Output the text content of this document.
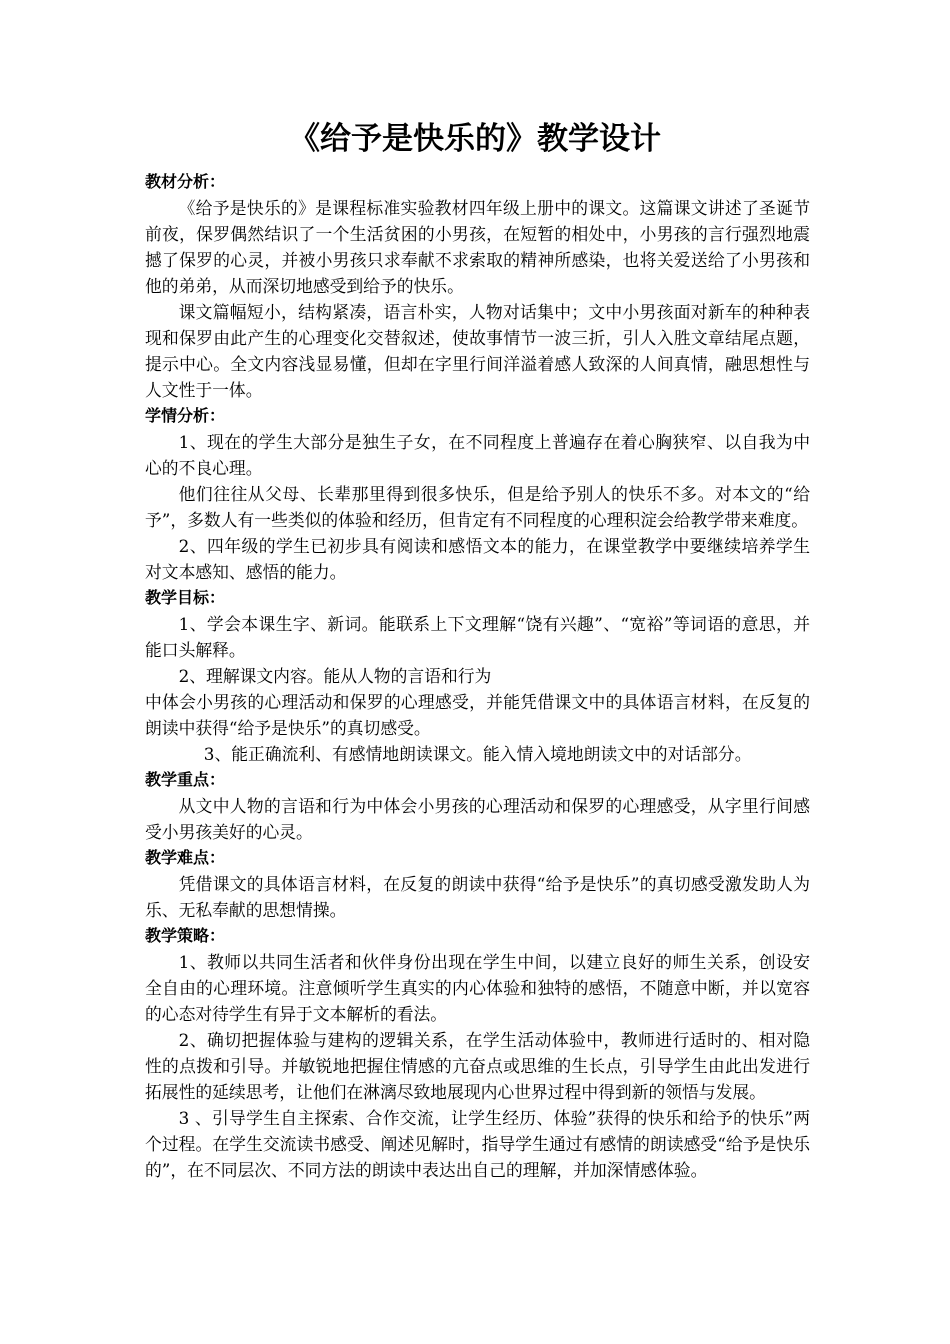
《给予是快乐的》教学设计
教材分析：
《给予是快乐的》是课程标准实验教材四年级上册中的课文。这篇课文讲述了圣诞节前夜，保罗偶然结识了一个生活贫困的小男孩，在短暂的相处中，小男孩的言行强烈地震撼了保罗的心灵，并被小男孩只求奉献不求索取的精神所感染，也将关爱送给了小男孩和他的弟弟，从而深切地感受到给予的快乐。
课文篇幅短小，结构紧凑，语言朴实，人物对话集中；文中小男孩面对新车的种种表现和保罗由此产生的心理变化交替叙述，使故事情节一波三折，引人入胜文章结尾点题，提示中心。全文内容浅显易懂，但却在字里行间洋溢着感人致深的人间真情，融思想性与人文性于一体。
学情分析：
1、现在的学生大部分是独生子女，在不同程度上普遍存在着心胸狭窄、以自我为中心的不良心理。
他们往往从父母、长辈那里得到很多快乐，但是给予别人的快乐不多。对本文的“给予”，多数人有一些类似的体验和经历，但肯定有不同程度的心理积淀会给教学带来难度。
2、四年级的学生已初步具有阅读和感悟文本的能力，在课堂教学中要继续培养学生对文本感知、感悟的能力。
教学目标：
1、学会本课生字、新词。能联系上下文理解“饶有兴趣”、“宽裕”等词语的意思，并能口头解释。
2、理解课文内容。能从人物的言语和行为
中体会小男孩的心理活动和保罗的心理感受，并能凭借课文中的具体语言材料，在反复的朗读中获得“给予是快乐”的真切感受。
3、能正确流利、有感情地朗读课文。能入情入境地朗读文中的对话部分。
教学重点：
从文中人物的言语和行为中体会小男孩的心理活动和保罗的心理感受，从字里行间感受小男孩美好的心灵。
教学难点：
凭借课文的具体语言材料，在反复的朗读中获得“给予是快乐”的真切感受激发助人为乐、无私奉献的思想情操。
教学策略：
1、教师以共同生活者和伙伴身份出现在学生中间，以建立良好的师生关系，创设安全自由的心理环境。注意倾听学生真实的内心体验和独特的感悟，不随意中断，并以宽容的心态对待学生有异于文本解析的看法。
2、确切把握体验与建构的逻辑关系，在学生活动体验中，教师进行适时的、相对隐性的点拨和引导。并敏锐地把握住情感的亢奋点或思维的生长点，引导学生由此出发进行拓展性的延续思考，让他们在淋漓尽致地展现内心世界过程中得到新的领悟与发展。
3 、引导学生自主探索、合作交流，让学生经历、体验”获得的快乐和给予的快乐”两个过程。在学生交流读书感受、阐述见解时，指导学生通过有感情的朗读感受“给予是快乐的”，在不同层次、不同方法的朗读中表达出自己的理解，并加深情感体验。
